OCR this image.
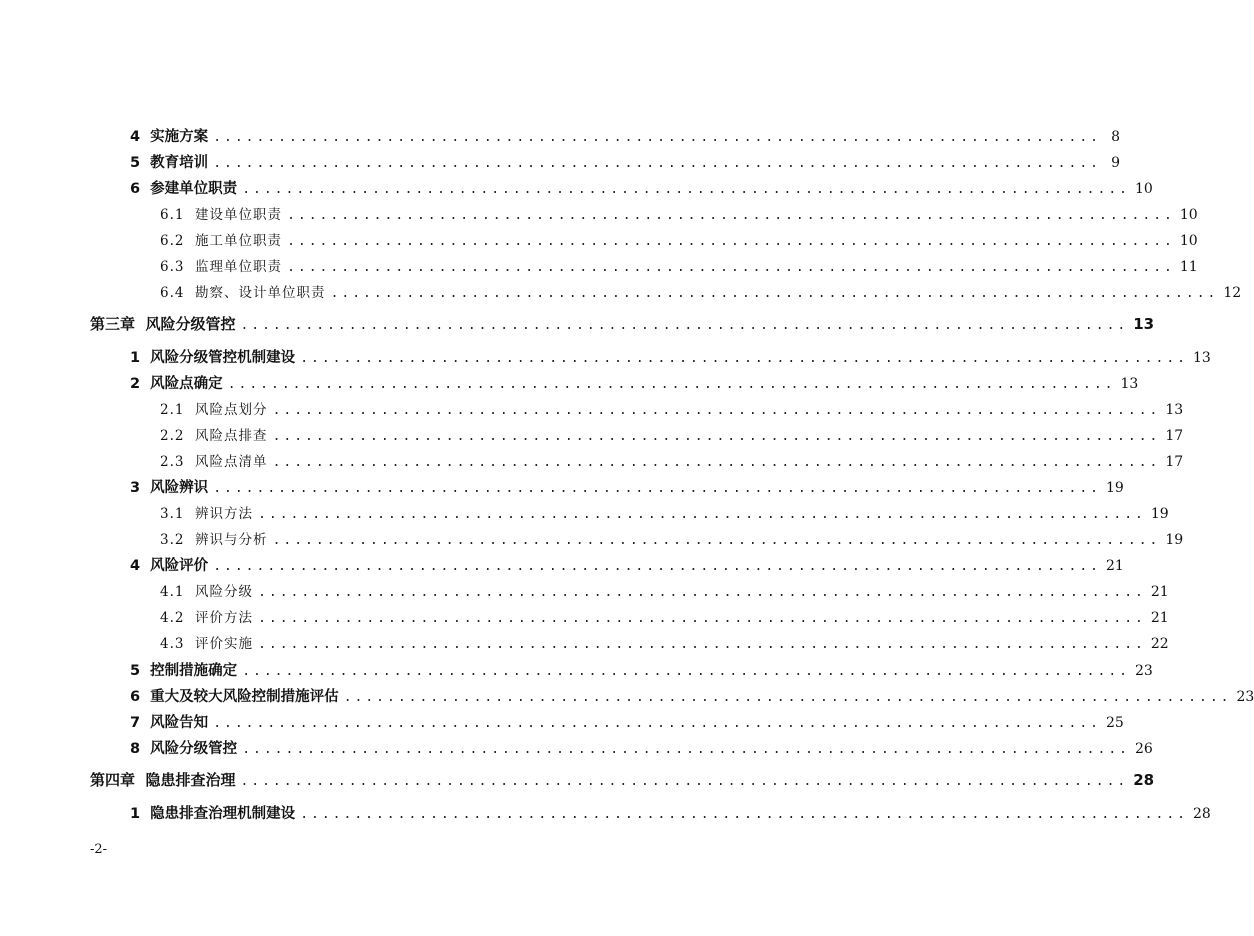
4  实施方案 .................................................................................. 8
5  教育培训 .................................................................................. 9
6  参建单位职责 .................................................................................. 10
6.1  建设单位职责 .................................................................................. 10
6.2  施工单位职责 .................................................................................. 10
6.3  监理单位职责 .................................................................................. 11
6.4  勘察、设计单位职责 .................................................................................. 12
第三章  风险分级管控 .................................................................................. 13
1  风险分级管控机制建设 .................................................................................. 13
2  风险点确定 .................................................................................. 13
2.1  风险点划分 .................................................................................. 13
2.2  风险点排查 .................................................................................. 17
2.3  风险点清单 .................................................................................. 17
3  风险辨识 .................................................................................. 19
3.1  辨识方法 .................................................................................. 19
3.2  辨识与分析 .................................................................................. 19
4  风险评价 .................................................................................. 21
4.1  风险分级 .................................................................................. 21
4.2  评价方法 .................................................................................. 21
4.3  评价实施 .................................................................................. 22
5  控制措施确定 .................................................................................. 23
6  重大及较大风险控制措施评估 .................................................................................. 23
7  风险告知 .................................................................................. 25
8  风险分级管控 .................................................................................. 26
第四章  隐患排查治理 .................................................................................. 28
1  隐患排查治理机制建设 .................................................................................. 28
-2-
